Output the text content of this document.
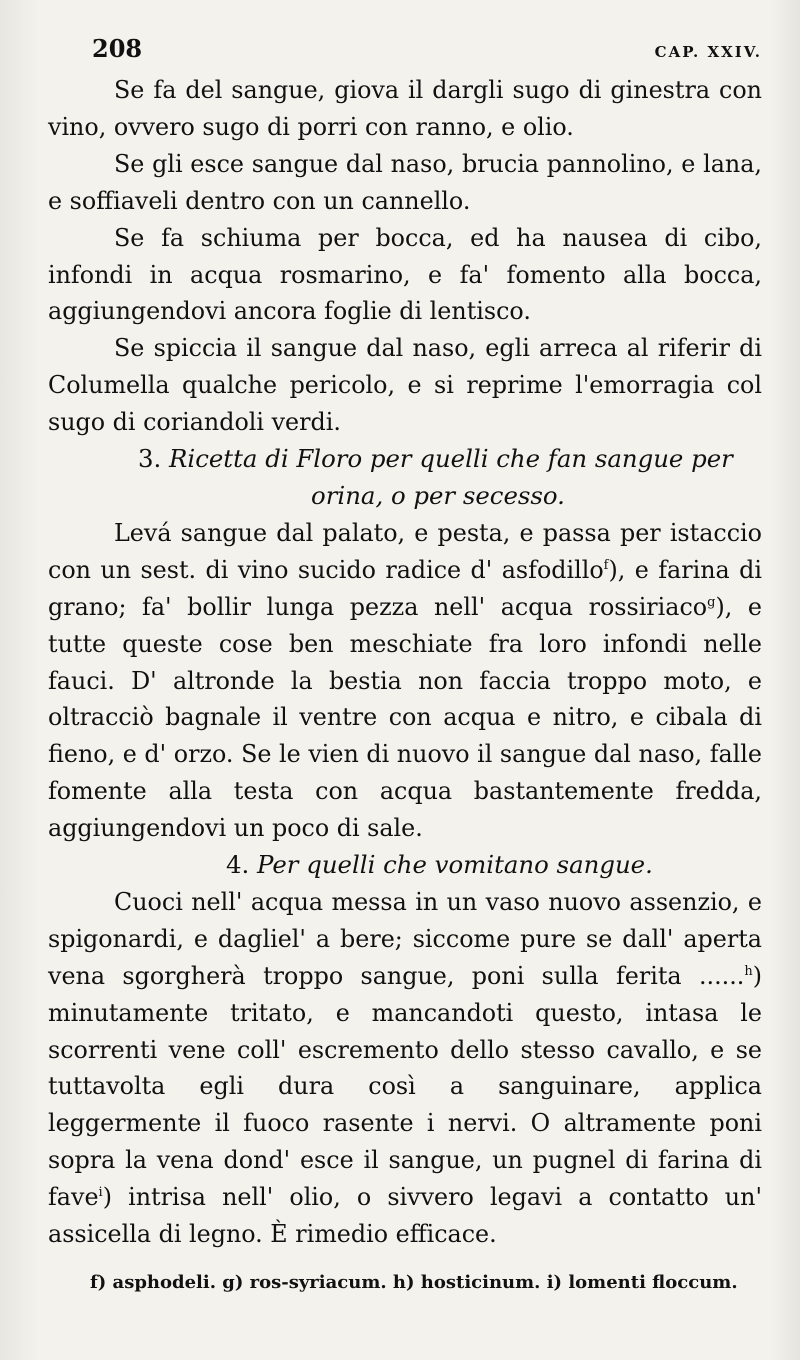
208	CAP. XXIV.

Se fa del sangue, giova il dargli sugo di ginestra con vino, ovvero sugo di porri con ranno, e olio.

Se gli esce sangue dal naso, brucia pannolino, e lana, e soffiaveli dentro con un cannello.

Se fa schiuma per bocca, ed ha nausea di cibo, infondi in acqua rosmarino, e fa' fomento alla bocca, aggiungendovi ancora foglie di lentisco.

Se spiccia il sangue dal naso, egli arreca al riferir di Columella qualche pericolo, e si reprime l'emorragia col sugo di coriandoli verdi.

3. Ricetta di Floro per quelli che fan sangue per

orina, o per secesso.

Levá sangue dal palato, e pesta, e passa per istaccio con un sest. di vino sucido radice d' asfodillo$^f$), e farina di grano; fa' bollir lunga pezza nell' acqua rossiriaco$^g$), e tutte queste cose ben meschiate fra loro infondi nelle fauci. D' altronde la bestia non faccia troppo moto, e oltracciò bagnale il ventre con acqua e nitro, e cibala di fieno, e d' orzo. Se le vien di nuovo il sangue dal naso, falle fomente alla testa con acqua bastantemente fredda, aggiungendovi un poco di sale.

4. Per quelli che vomitano sangue.

Cuoci nell' acqua messa in un vaso nuovo assenzio, e spigonardi, e dagliel' a bere; siccome pure se dall' aperta vena sgorgherà troppo sangue, poni sulla ferita ......$^h$) minutamente tritato, e mancandoti questo, intasa le scorrenti vene coll' escremento dello stesso cavallo, e se tuttavolta egli dura così a sanguinare, applica leggermente il fuoco rasente i nervi. O altramente poni sopra la vena dond' esce il sangue, un pugnel di farina di fave$^i$) intrisa nell' olio, o sivvero legavi a contatto un' assicella di legno. È rimedio efficace.

f) asphodeli. g) ros-syriacum. h) hosticinum. i) lomenti floccum.
